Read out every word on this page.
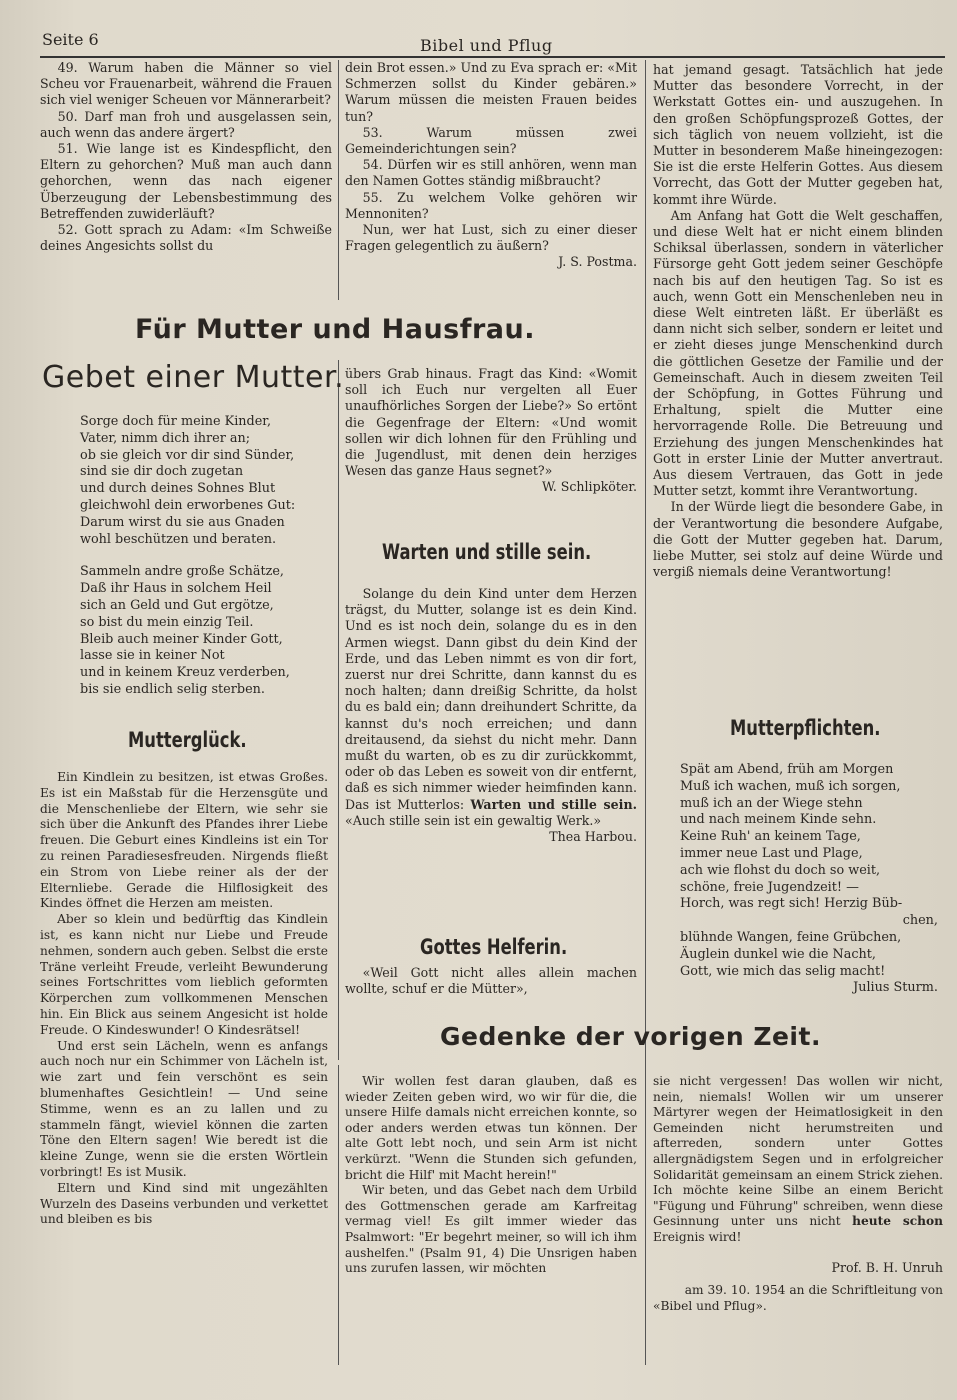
Seite 6	Bibel und Pflug

49. Warum haben die Männer so viel Scheu vor Frauenarbeit, während die Frauen sich viel weniger Scheuen vor Männerarbeit?

50. Darf man froh und ausgelassen sein, auch wenn das andere ärgert?

51. Wie lange ist es Kindespflicht, den Eltern zu gehorchen? Muß man auch dann gehorchen, wenn das nach eigener Überzeugung der Lebensbestimmung des Betreffenden zuwiderläuft?

52. Gott sprach zu Adam: «Im Schweiße deines Angesichts sollst du

dein Brot essen.» Und zu Eva sprach er: «Mit Schmerzen sollst du Kinder gebären.» Warum müssen die meisten Frauen beides tun?

53. Warum müssen zwei Gemeinderichtungen sein?

54. Dürfen wir es still anhören, wenn man den Namen Gottes ständig mißbraucht?

55. Zu welchem Volke gehören wir Mennoniten?

Nun, wer hat Lust, sich zu einer dieser Fragen gelegentlich zu äußern?

J. S. Postma.

hat jemand gesagt. Tatsächlich hat jede Mutter das besondere Vorrecht, in der Werkstatt Gottes ein- und auszugehen. In den großen Schöpfungsprozeß Gottes, der sich täglich von neuem vollzieht, ist die Mutter in besonderem Maße hineingezogen: Sie ist die erste Helferin Gottes. Aus diesem Vorrecht, das Gott der Mutter gegeben hat, kommt ihre Würde.

Am Anfang hat Gott die Welt geschaffen, und diese Welt hat er nicht einem blinden Schiksal überlassen, sondern in väterlicher Fürsorge geht Gott jedem seiner Geschöpfe nach bis auf den heutigen Tag. So ist es auch, wenn Gott ein Menschenleben neu in diese Welt eintreten läßt. Er überläßt es dann nicht sich selber, sondern er leitet und er zieht dieses junge Menschenkind durch die göttlichen Gesetze der Familie und der Gemeinschaft. Auch in diesem zweiten Teil der Schöpfung, in Gottes Führung und Erhaltung, spielt die Mutter eine hervorragende Rolle. Die Betreuung und Erziehung des jungen Menschenkindes hat Gott in erster Linie der Mutter anvertraut. Aus diesem Vertrauen, das Gott in jede Mutter setzt, kommt ihre Verantwortung.

In der Würde liegt die besondere Gabe, in der Verantwortung die besondere Aufgabe, die Gott der Mutter gegeben hat. Darum, liebe Mutter, sei stolz auf deine Würde und vergiß niemals deine Verantwortung!

Für Mutter und Hausfrau.
Gebet einer Mutter.
Sorge doch für meine Kinder,
Vater, nimm dich ihrer an;
ob sie gleich vor dir sind Sünder,
sind sie dir doch zugetan
und durch deines Sohnes Blut
gleichwohl dein erworbenes Gut:
Darum wirst du sie aus Gnaden
wohl beschützen und beraten.
Sammeln andre große Schätze,
Daß ihr Haus in solchem Heil
sich an Geld und Gut ergötze,
so bist du mein einzig Teil.
Bleib auch meiner Kinder Gott,
lasse sie in keiner Not
und in keinem Kreuz verderben,
bis sie endlich selig sterben.
Mutterglück.

Ein Kindlein zu besitzen, ist etwas Großes. Es ist ein Maßstab für die Herzensgüte und die Menschenliebe der Eltern, wie sehr sie sich über die Ankunft des Pfandes ihrer Liebe freuen. Die Geburt eines Kindleins ist ein Tor zu reinen Paradiesesfreuden. Nirgends fließt ein Strom von Liebe reiner als der der Elternliebe. Gerade die Hilflosigkeit des Kindes öffnet die Herzen am meisten.

Aber so klein und bedürftig das Kindlein ist, es kann nicht nur Liebe und Freude nehmen, sondern auch geben. Selbst die erste Träne verleiht Freude, verleiht Bewunderung seines Fortschrittes vom lieblich geformten Körperchen zum vollkommenen Menschen hin. Ein Blick aus seinem Angesicht ist holde Freude. O Kindeswunder! O Kindesrätsel!

Und erst sein Lächeln, wenn es anfangs auch noch nur ein Schimmer von Lächeln ist, wie zart und fein verschönt es sein blumenhaftes Gesichtlein! — Und seine Stimme, wenn es an zu lallen und zu stammeln fängt, wieviel können die zarten Töne den Eltern sagen! Wie beredt ist die kleine Zunge, wenn sie die ersten Wörtlein vorbringt! Es ist Musik.

Eltern und Kind sind mit ungezählten Wurzeln des Daseins verbunden und verkettet und bleiben es bis

übers Grab hinaus. Fragt das Kind: «Womit soll ich Euch nur vergelten all Euer unaufhörliches Sorgen der Liebe?» So ertönt die Gegenfrage der Eltern: «Und womit sollen wir dich lohnen für den Frühling und die Jugendlust, mit denen dein herziges Wesen das ganze Haus segnet?»

W. Schlipköter.
Warten und stille sein.

Solange du dein Kind unter dem Herzen trägst, du Mutter, solange ist es dein Kind. Und es ist noch dein, solange du es in den Armen wiegst. Dann gibst du dein Kind der Erde, und das Leben nimmt es von dir fort, zuerst nur drei Schritte, dann kannst du es noch halten; dann dreißig Schritte, da holst du es bald ein; dann dreihundert Schritte, da kannst du's noch erreichen; und dann dreitausend, da siehst du nicht mehr. Dann mußt du warten, ob es zu dir zurückkommt, oder ob das Leben es soweit von dir entfernt, daß es sich nimmer wieder heimfinden kann. Das ist Mutterlos: Warten und stille sein. «Auch stille sein ist ein gewaltig Werk.»

Thea Harbou.
Gottes Helferin.

«Weil Gott nicht alles allein machen wollte, schuf er die Mütter»,

Mutterpflichten.
Spät am Abend, früh am Morgen
Muß ich wachen, muß ich sorgen,
muß ich an der Wiege stehn
und nach meinem Kinde sehn.
Keine Ruh' an keinem Tage,
immer neue Last und Plage,
ach wie flohst du doch so weit,
schöne, freie Jugendzeit! —
Horch, was regt sich! Herzig Büb-
chen,
blühnde Wangen, feine Grübchen,
Äuglein dunkel wie die Nacht,
Gott, wie mich das selig macht!
Julius Sturm.
Gedenke der vorigen Zeit.

Wir wollen fest daran glauben, daß es wieder Zeiten geben wird, wo wir für die, die unsere Hilfe damals nicht erreichen konnte, so oder anders werden etwas tun können. Der alte Gott lebt noch, und sein Arm ist nicht verkürzt. "Wenn die Stunden sich gefunden, bricht die Hilf' mit Macht herein!"

Wir beten, und das Gebet nach dem Urbild des Gottmenschen gerade am Karfreitag vermag viel! Es gilt immer wieder das Psalmwort: "Er begehrt meiner, so will ich ihm aushelfen." (Psalm 91, 4) Die Unsrigen haben uns zurufen lassen, wir möchten

sie nicht vergessen! Das wollen wir nicht, nein, niemals! Wollen wir um unserer Märtyrer wegen der Heimatlosigkeit in den Gemeinden nicht herumstreiten und afterreden, sondern unter Gottes allergnädigstem Segen und in erfolgreicher Solidarität gemeinsam an einem Strick ziehen. Ich möchte keine Silbe an einem Bericht "Fügung und Führung" schreiben, wenn diese Gesinnung unter uns nicht heute schon Ereignis wird!

Prof. B. H. Unruh

am 39. 10. 1954 an die Schriftleitung von «Bibel und Pflug».
